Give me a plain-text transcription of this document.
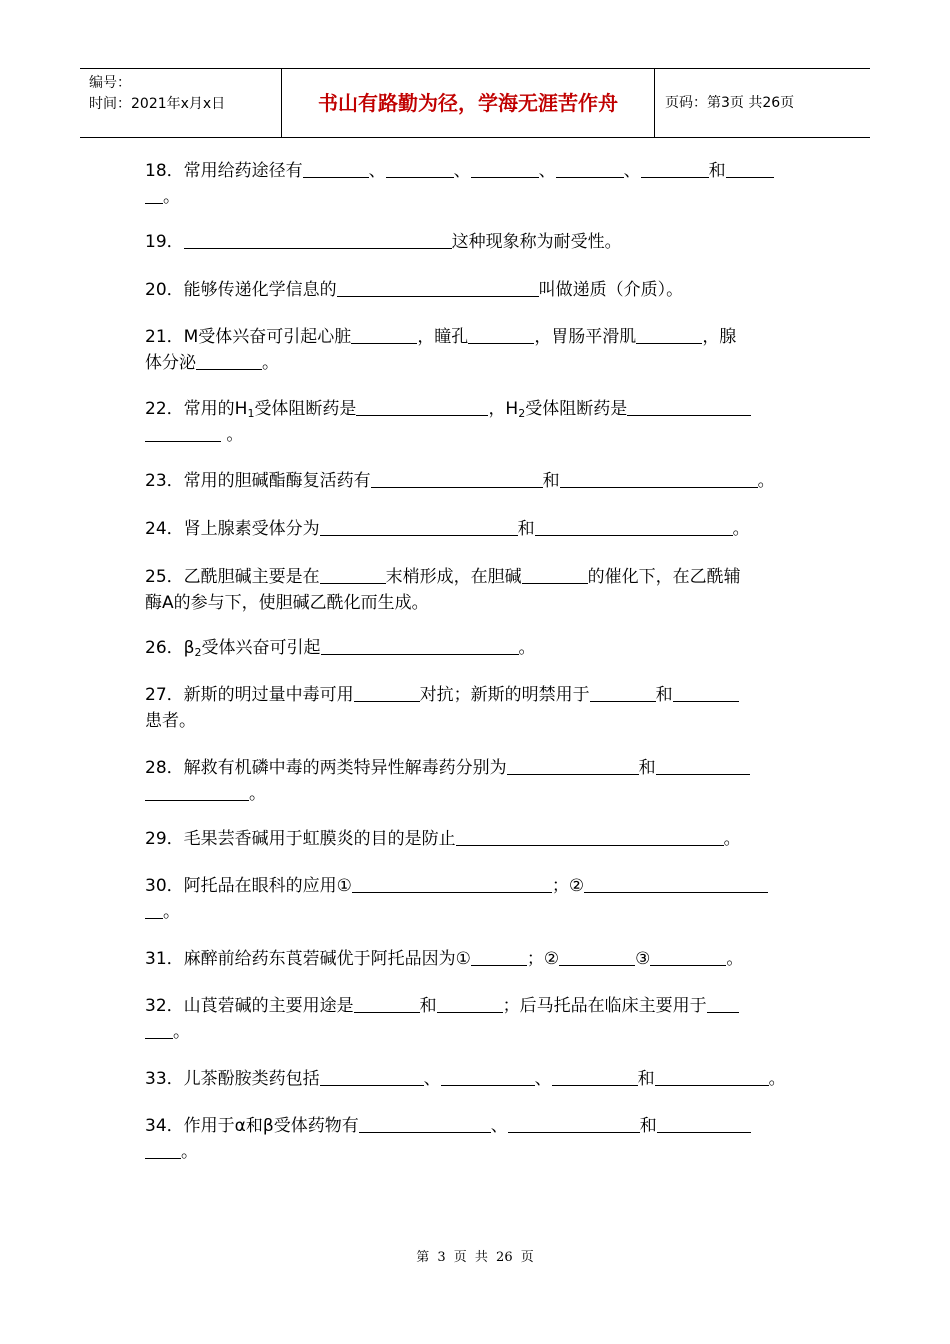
编号：
时间：2021年x月x日	书山有路勤为径，学海无涯苦作舟	页码：第3页 共26页
18．常用给药途径有	、	、	、	、	和
。
19．	这种现象称为耐受性。
20．能够传递化学信息的	叫做递质（介质）。
21．M受体兴奋可引起心脏	，瞳孔	，胃肠平滑肌	，腺
体分泌	。
22．常用的$H_1$受体阻断药是	，$H_2$受体阻断药是
。
23．常用的胆碱酯酶复活药有	和	。
24．肾上腺素受体分为	和	。
25．乙酰胆碱主要是在	末梢形成，在胆碱	的催化下，在乙酰辅
酶A的参与下，使胆碱乙酰化而生成。
26．$\beta_2$受体兴奋可引起	。
27．新斯的明过量中毒可用	对抗；新斯的明禁用于	和
患者。
28．解救有机磷中毒的两类特异性解毒药分别为	和
。
29．毛果芸香碱用于虹膜炎的目的是防止	。
30．阿托品在眼科的应用①	；②
。
31．麻醉前给药东莨菪碱优于阿托品因为①	；②	③	。
32．山莨菪碱的主要用途是	和	；后马托品在临床主要用于
。
33．儿茶酚胺类药包括	、	、	和	。
34．作用于α和β受体药物有	、	和
。
第 3 页 共 26 页
